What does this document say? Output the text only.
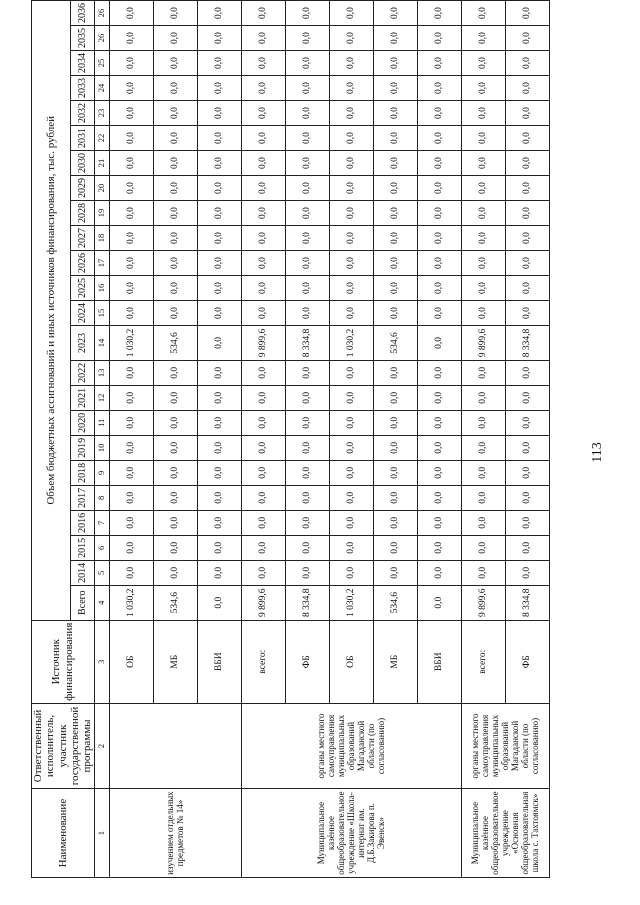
Наименование	Ответственный исполнитель, участник государственной программы	Источник финансирования	Объем бюджетных ассигнований и иных источников финансирования, тыс. рублей																							
			Всего	2014	2015	2016	2017	2018	2019	2020	2021	2022	2023	2024	2025	2026	2027	2028	2029	2030	2031	2032	2033	2034	2035	2036
1	2	3	4	5	6	7	8	9	10	11	12	13	14	15	16	17	18	19	20	21	22	23	24	25	26	26
изучением отдельных предметов № 14»		ОБ	1 030,2	0,0	0,0	0,0	0,0	0,0	0,0	0,0	0,0	0,0	1 030,2	0,0	0,0	0,0	0,0	0,0	0,0	0,0	0,0	0,0	0,0	0,0	0,0	0,0
		МБ	534,6	0,0	0,0	0,0	0,0	0,0	0,0	0,0	0,0	0,0	534,6	0,0	0,0	0,0	0,0	0,0	0,0	0,0	0,0	0,0	0,0	0,0	0,0	0,0
		ВБИ	0,0	0,0	0,0	0,0	0,0	0,0	0,0	0,0	0,0	0,0	0,0	0,0	0,0	0,0	0,0	0,0	0,0	0,0	0,0	0,0	0,0	0,0	0,0	0,0
Муниципальное казённое общеобразовательное учреждение «Школа-интернат им. Д.Б.Закирова п. Эвенск»	органы местного самоуправления муниципальных образований Магаданской области (по согласованию)	всего:	9 899,6	0,0	0,0	0,0	0,0	0,0	0,0	0,0	0,0	0,0	9 899,6	0,0	0,0	0,0	0,0	0,0	0,0	0,0	0,0	0,0	0,0	0,0	0,0	0,0
		ФБ	8 334,8	0,0	0,0	0,0	0,0	0,0	0,0	0,0	0,0	0,0	8 334,8	0,0	0,0	0,0	0,0	0,0	0,0	0,0	0,0	0,0	0,0	0,0	0,0	0,0
		ОБ	1 030,2	0,0	0,0	0,0	0,0	0,0	0,0	0,0	0,0	0,0	1 030,2	0,0	0,0	0,0	0,0	0,0	0,0	0,0	0,0	0,0	0,0	0,0	0,0	0,0
		МБ	534,6	0,0	0,0	0,0	0,0	0,0	0,0	0,0	0,0	0,0	534,6	0,0	0,0	0,0	0,0	0,0	0,0	0,0	0,0	0,0	0,0	0,0	0,0	0,0
		ВБИ	0,0	0,0	0,0	0,0	0,0	0,0	0,0	0,0	0,0	0,0	0,0	0,0	0,0	0,0	0,0	0,0	0,0	0,0	0,0	0,0	0,0	0,0	0,0	0,0
Муниципальное казённое общеобразовательное учреждение «Основная общеобразовательная школа с. Тахтоямск»	органы местного самоуправления муниципальных образований Магаданской области (по согласованию)	всего:	9 899,6	0,0	0,0	0,0	0,0	0,0	0,0	0,0	0,0	0,0	9 899,6	0,0	0,0	0,0	0,0	0,0	0,0	0,0	0,0	0,0	0,0	0,0	0,0	0,0
		ФБ	8 334,8	0,0	0,0	0,0	0,0	0,0	0,0	0,0	0,0	0,0	8 334,8	0,0	0,0	0,0	0,0	0,0	0,0	0,0	0,0	0,0	0,0	0,0	0,0	0,0
113
